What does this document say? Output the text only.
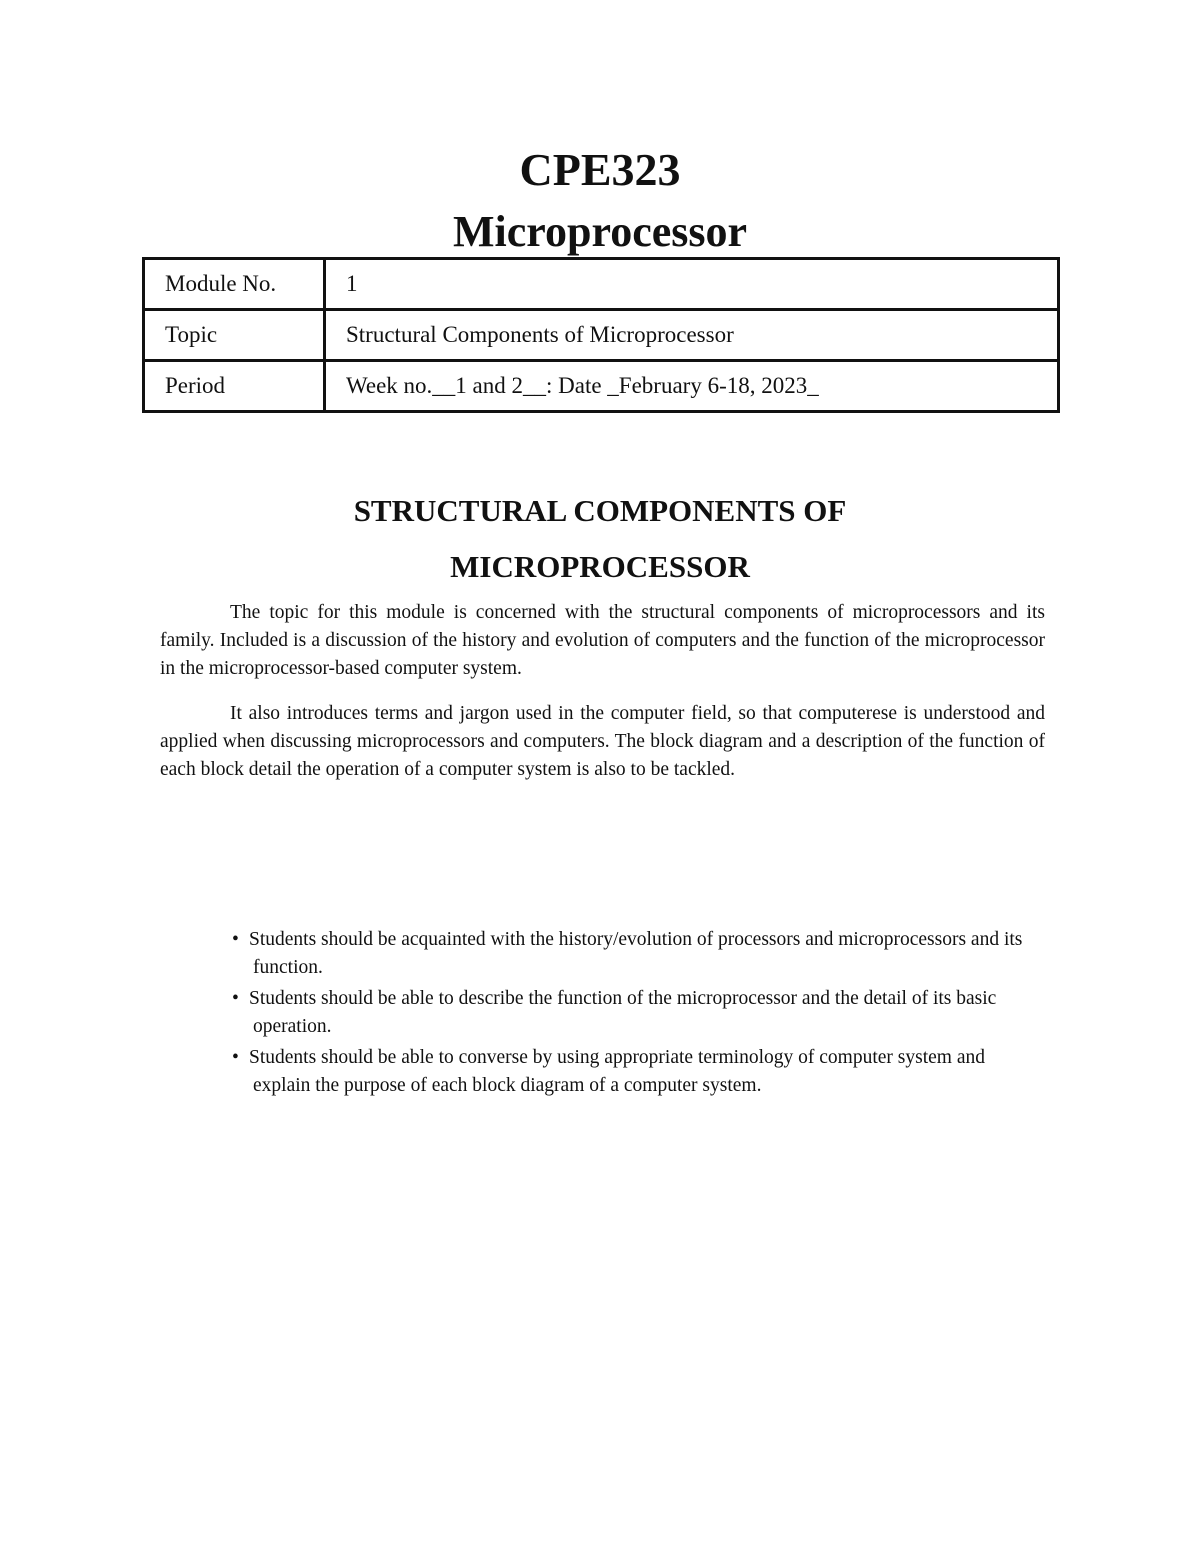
CPE323
Microprocessor
Module No.	1
Topic	Structural Components of Microprocessor
Period	Week no.__1 and 2__: Date _February 6-18, 2023_
STRUCTURAL COMPONENTS OF
MICROPROCESSOR

The topic for this module is concerned with the structural components of microprocessors and its family. Included is a discussion of the history and evolution of computers and the function of the microprocessor in the microprocessor-based computer system.

It also introduces terms and jargon used in the computer field, so that computerese is understood and applied when discussing microprocessors and computers. The block diagram and a description of the function of each block detail the operation of a computer system is also to be tackled.

• Students should be acquainted with the history/evolution of processors and microprocessors and its function.
• Students should be able to describe the function of the microprocessor and the detail of its basic operation.
• Students should be able to converse by using appropriate terminology of computer system and explain the purpose of each block diagram of a computer system.
